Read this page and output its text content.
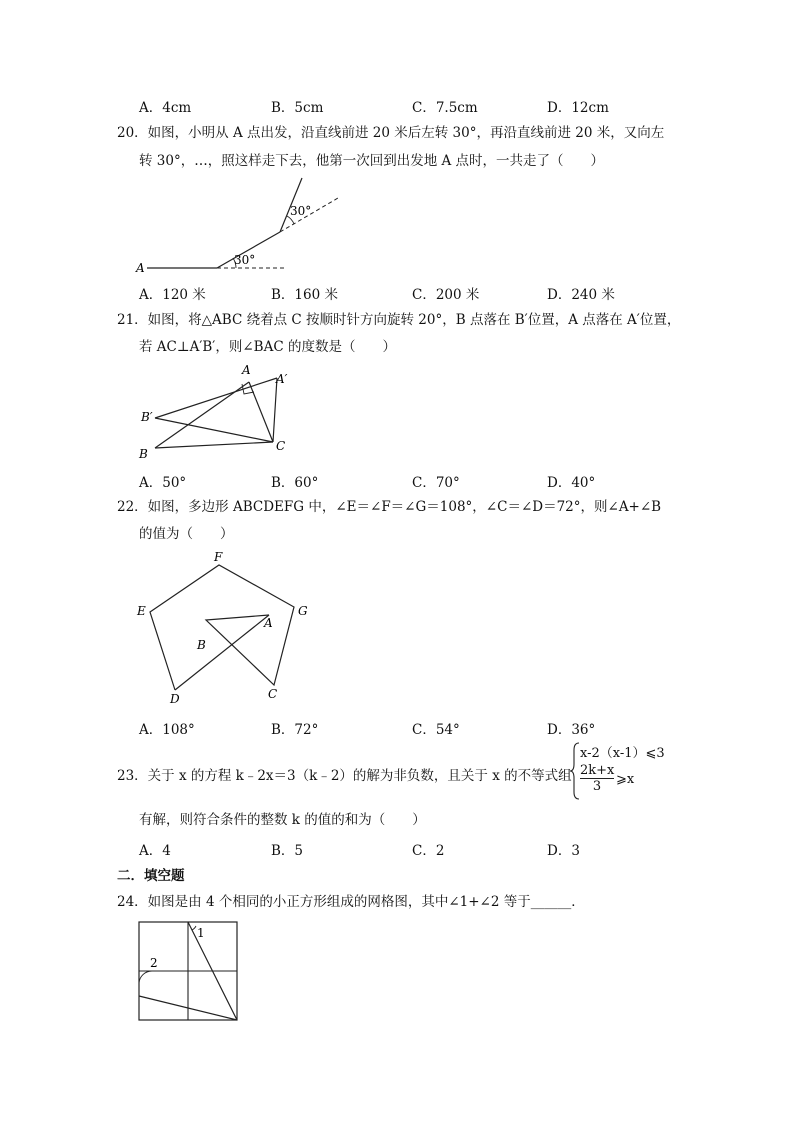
A．4cm	B．5cm	C．7.5cm	D．12cm
20．如图，小明从 A 点出发，沿直线前进 20 米后左转 30°，再沿直线前进 20 米，又向左
转 30°，…，照这样走下去，他第一次回到出发地 A 点时，一共走了（　　）
A
30°
30°
A．120 米	B．160 米	C．200 米	D．240 米
21．如图，将△ABC 绕着点 C 按顺时针方向旋转 20°，B 点落在 B′位置，A 点落在 A′位置，
若 AC⊥A′B′，则∠BAC 的度数是（　　）
A
A′
B′
B
C
A．50°	B．60°	C．70°	D．40°
22．如图，多边形 ABCDEFG 中，∠E＝∠F＝∠G＝108°，∠C＝∠D＝72°，则∠A+∠B
的值为（　　）
F
E	G
A
B
D	C
A．108°	B．72°	C．54°	D．36°
23．关于 x 的方程 k﹣2x＝3（k﹣2）的解为非负数，且关于 x 的不等式组
x-2（x-1）⩽3
2k+x
3	⩾x
有解，则符合条件的整数 k 的值的和为（　　）
A．4	B．5	C．2	D．3
二．填空题
24．如图是由 4 个相同的小正方形组成的网格图，其中∠1+∠2 等于______．
1
2
